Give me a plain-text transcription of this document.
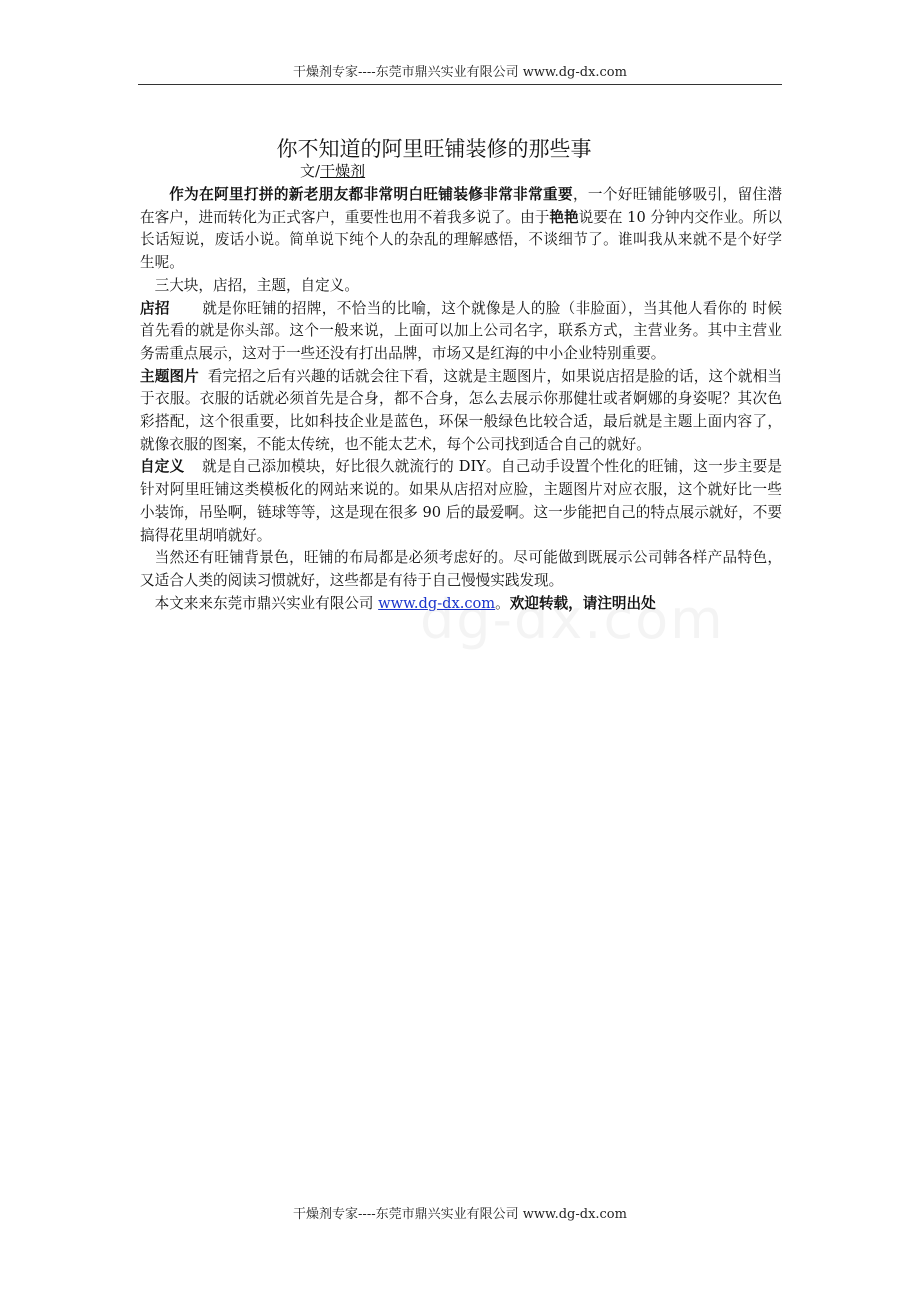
干燥剂专家----东莞市鼎兴实业有限公司 www.dg-dx.com
你不知道的阿里旺铺装修的那些事
文/干燥剂

作为在阿里打拼的新老朋友都非常明白旺铺装修非常非常重要，一个好旺铺能够吸引，留住潜在客户，进而转化为正式客户，重要性也用不着我多说了。由于艳艳说要在 10 分钟内交作业。所以长话短说，废话小说。简单说下纯个人的杂乱的理解感悟，不谈细节了。谁叫我从来就不是个好学生呢。

三大块，店招，主题，自定义。

店招 就是你旺铺的招牌，不恰当的比喻，这个就像是人的脸（非脸面），当其他人看你的 时候首先看的就是你头部。这个一般来说，上面可以加上公司名字，联系方式，主营业务。其中主营业务需重点展示，这对于一些还没有打出品牌，市场又是红海的中小企业特别重要。

主题图片 看完招之后有兴趣的话就会往下看，这就是主题图片，如果说店招是脸的话，这个就相当于衣服。衣服的话就必须首先是合身，都不合身，怎么去展示你那健壮或者婀娜的身姿呢？其次色彩搭配，这个很重要，比如科技企业是蓝色，环保一般绿色比较合适，最后就是主题上面内容了，就像衣服的图案，不能太传统，也不能太艺术，每个公司找到适合自己的就好。

自定义 就是自己添加模块，好比很久就流行的 DIY。自己动手设置个性化的旺铺，这一步主要是针对阿里旺铺这类模板化的网站来说的。如果从店招对应脸，主题图片对应衣服，这个就好比一些小装饰，吊坠啊，链球等等，这是现在很多 90 后的最爱啊。这一步能把自己的特点展示就好，不要搞得花里胡哨就好。

当然还有旺铺背景色，旺铺的布局都是必须考虑好的。尽可能做到既展示公司韩各样产品特色，又适合人类的阅读习惯就好，这些都是有待于自己慢慢实践发现。

本文来来东莞市鼎兴实业有限公司 www.dg-dx.com。欢迎转载，请注明出处

干燥剂专家----东莞市鼎兴实业有限公司 www.dg-dx.com
